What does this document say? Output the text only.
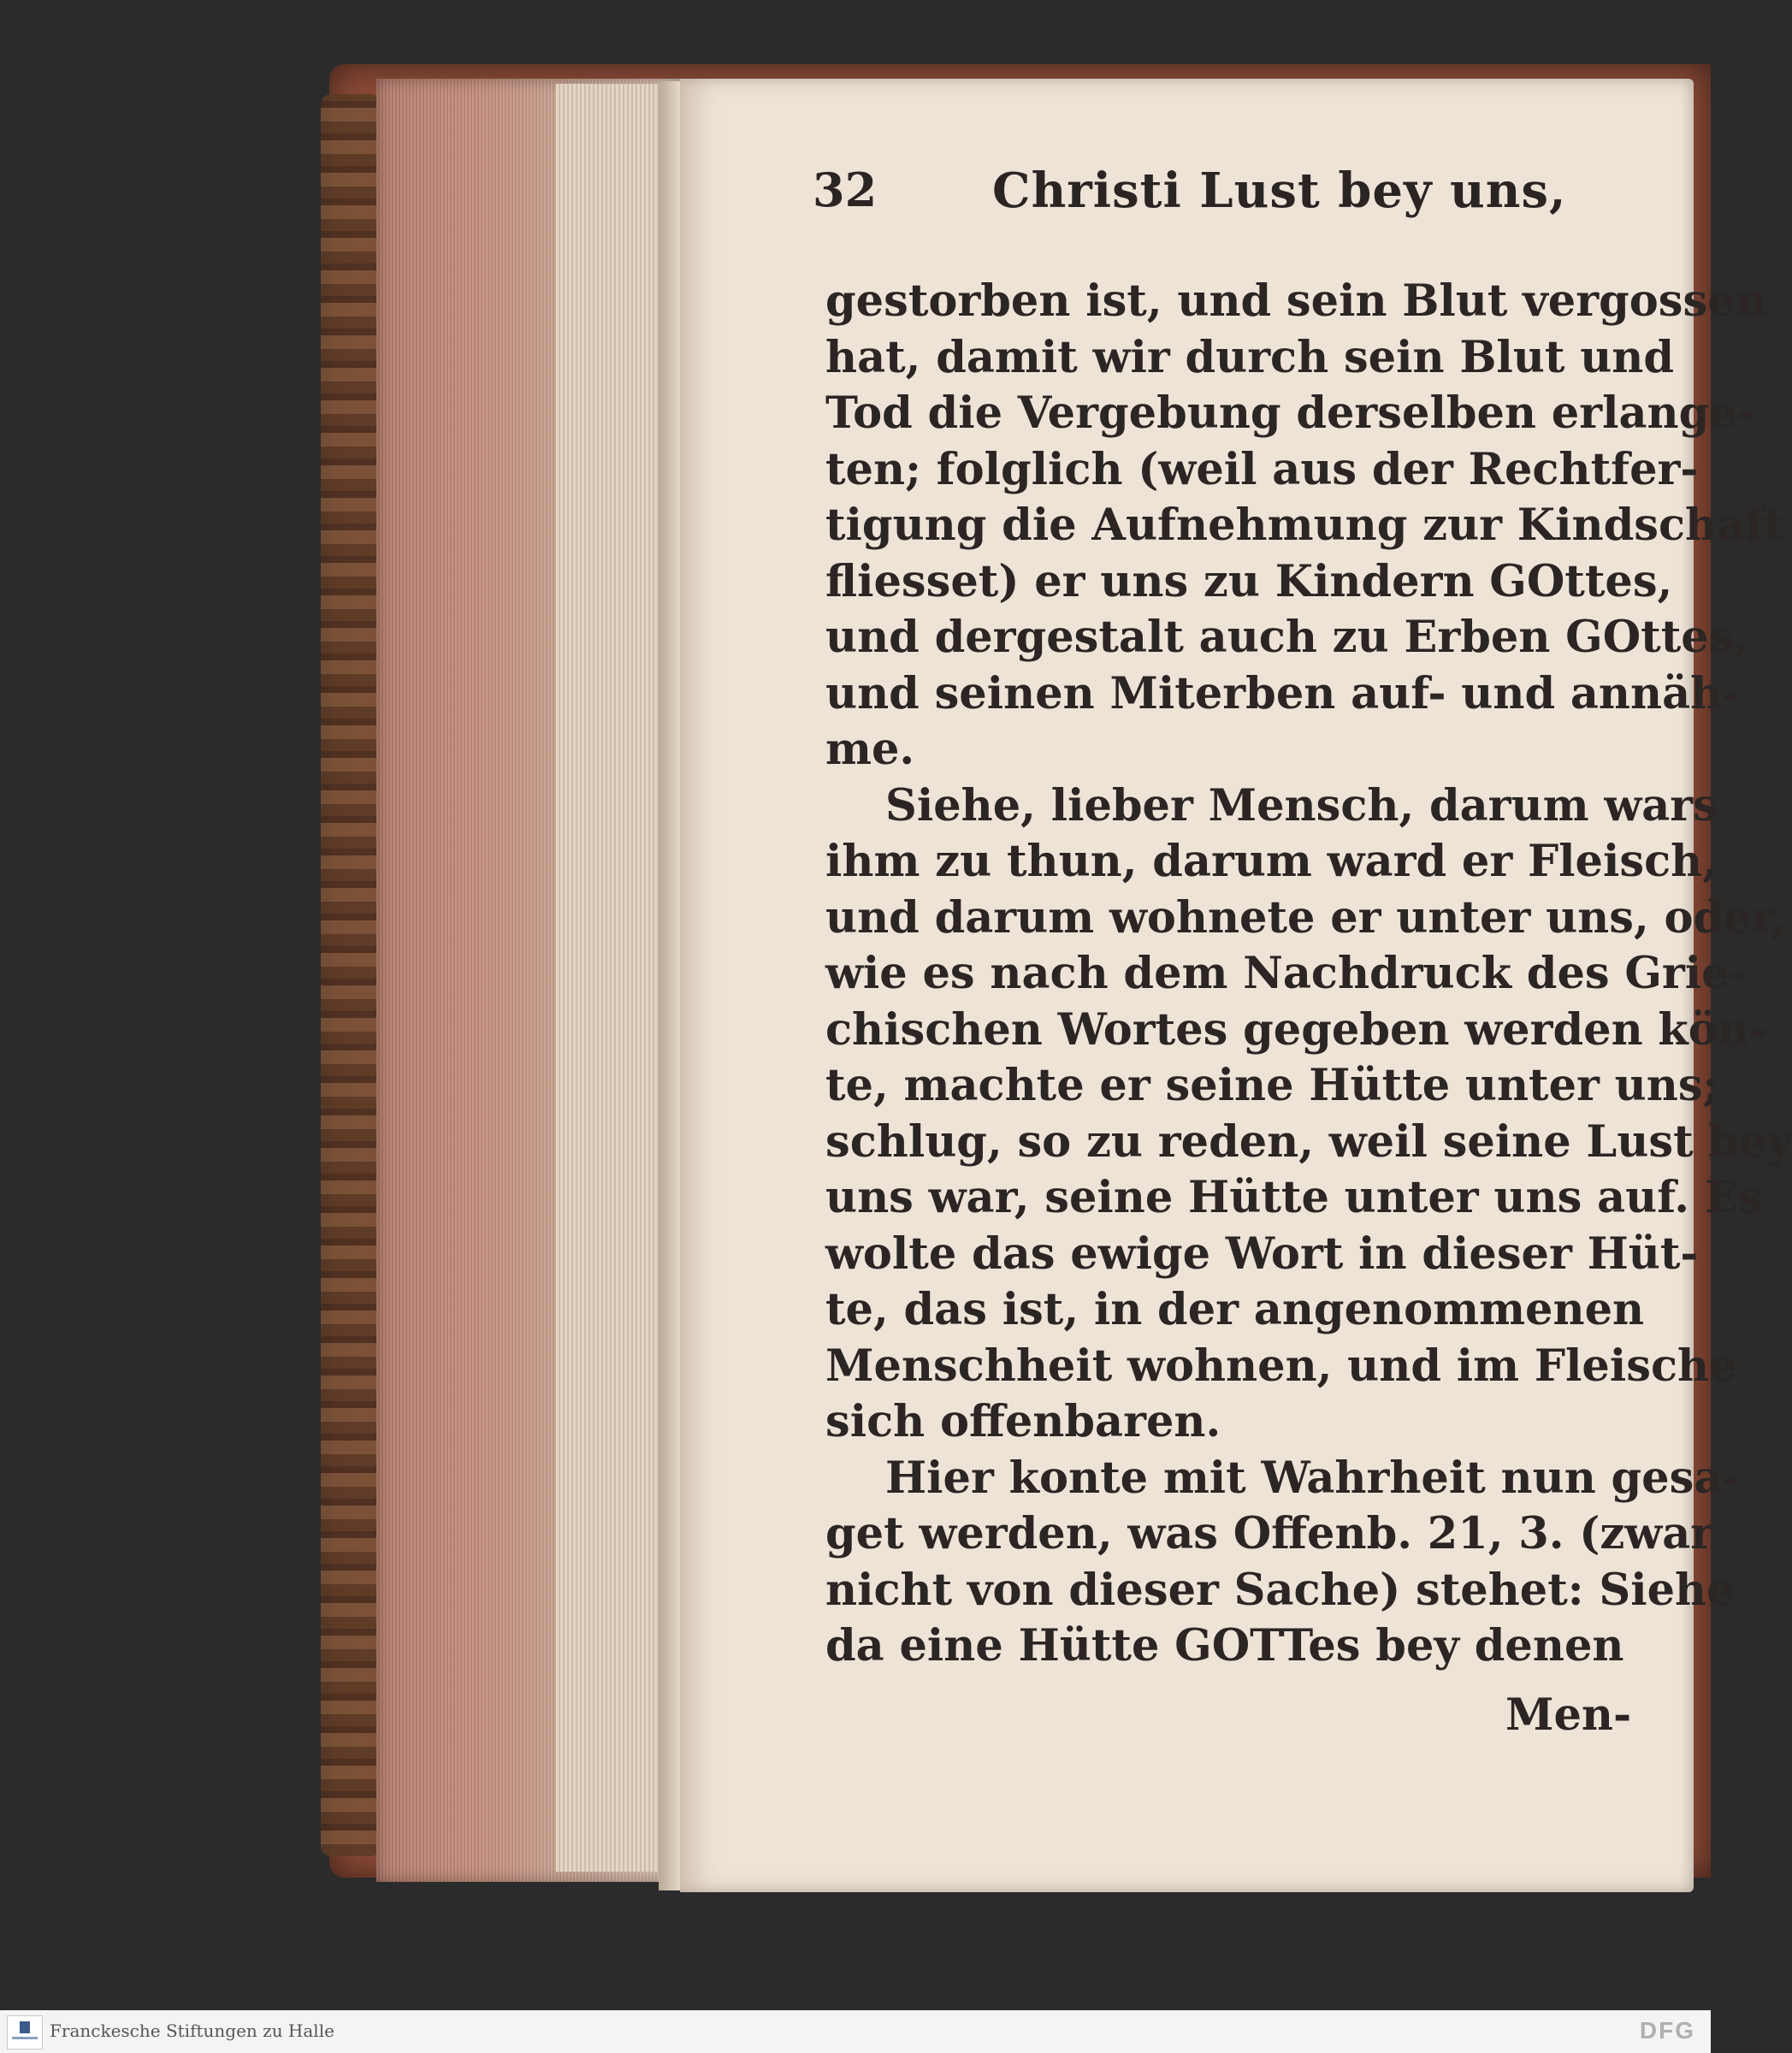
32 Christi Lust bey uns,
gestorben ist, und sein Blut vergossen
hat, damit wir durch sein Blut und
Tod die Vergebung derselben erlange-
ten; folglich (weil aus der Rechtfer-
tigung die Aufnehmung zur Kindschaft
fliesset) er uns zu Kindern GOttes,
und dergestalt auch zu Erben GOttes,
und seinen Miterben auf- und annäh-
me.
Siehe, lieber Mensch, darum wars
ihm zu thun, darum ward er Fleisch,
und darum wohnete er unter uns, oder,
wie es nach dem Nachdruck des Grie-
chischen Wortes gegeben werden kön-
te, machte er seine Hütte unter uns;
schlug, so zu reden, weil seine Lust bey
uns war, seine Hütte unter uns auf. Es
wolte das ewige Wort in dieser Hüt-
te, das ist, in der angenommenen
Menschheit wohnen, und im Fleische
sich offenbaren.
Hier konte mit Wahrheit nun gesa-
get werden, was Offenb. 21, 3. (zwar
nicht von dieser Sache) stehet: Siehe
da eine Hütte GOTTes bey denen
Men-
Franckesche Stiftungen zu Halle	DFG
